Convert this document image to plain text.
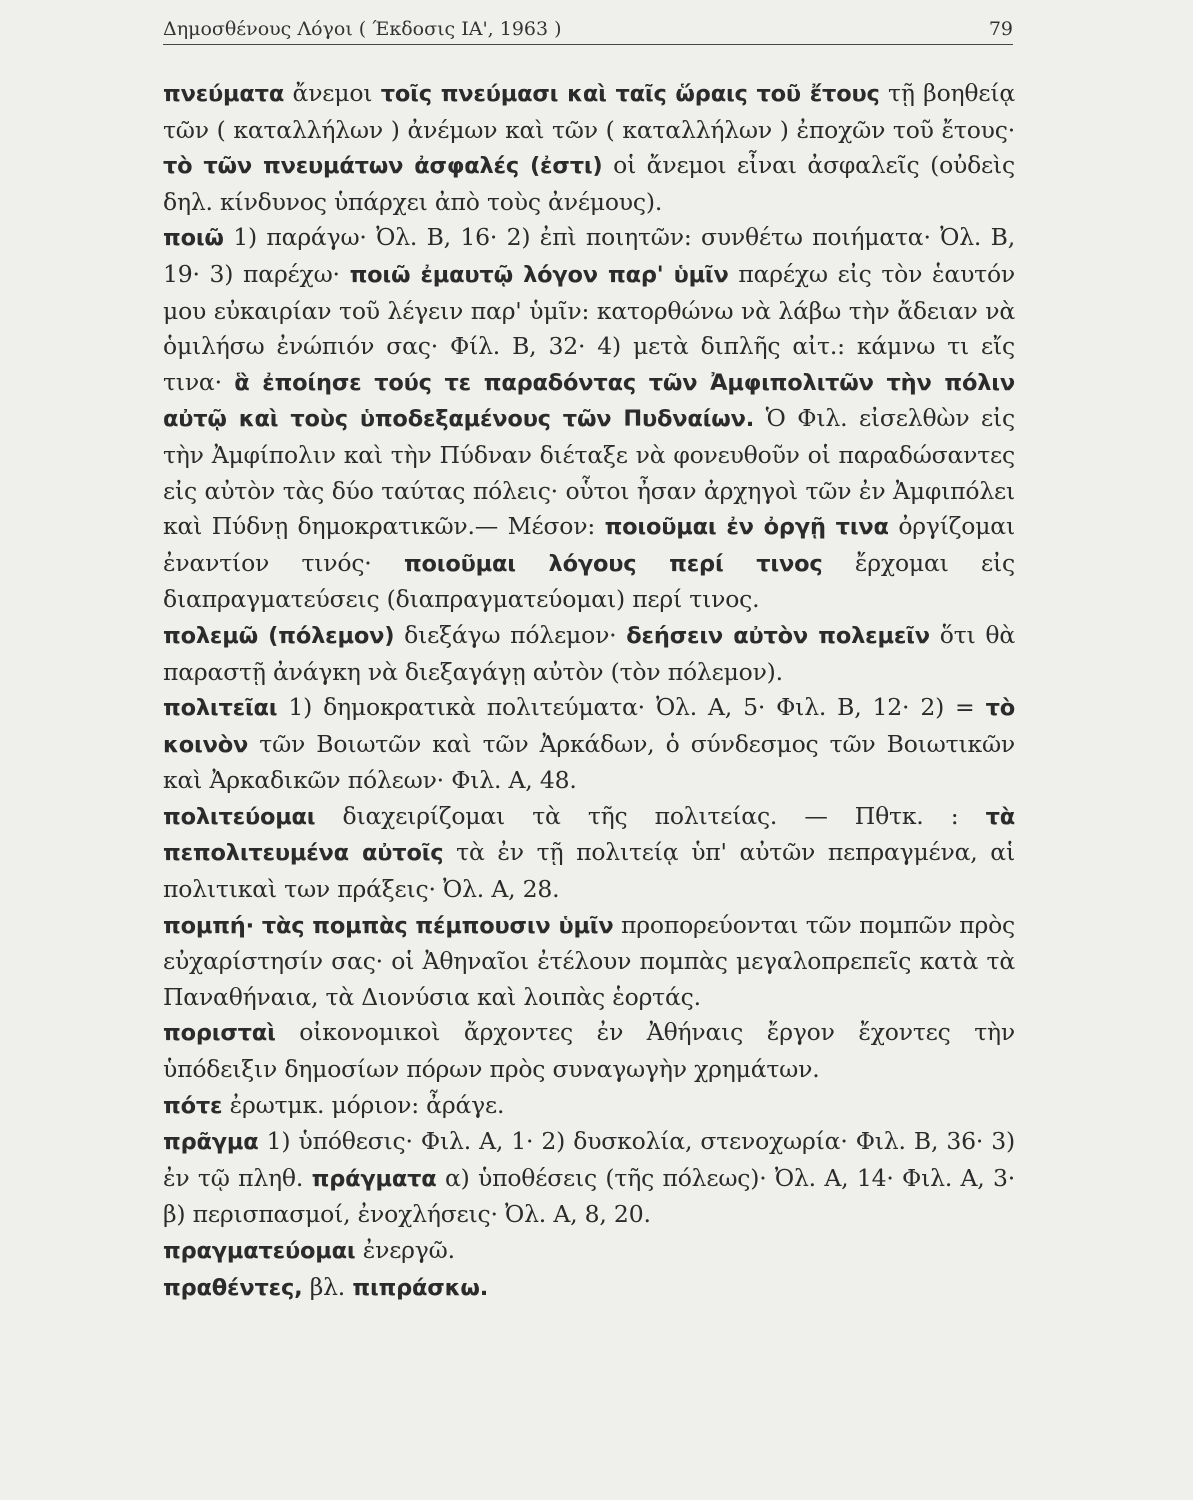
Δημοσθένους Λόγοι ( Έκδοσις ΙΑ', 1963 )	79

πνεύματα ἄνεμοι τοῖς πνεύμασι καὶ ταῖς ὥραις τοῦ ἔτους τῇ βοηθείᾳ τῶν ( καταλλήλων ) ἀνέμων καὶ τῶν ( καταλλήλων ) ἐποχῶν τοῦ ἔτους· τὸ τῶν πνευμάτων ἀσφαλές (ἐστι) οἱ ἄνεμοι εἶναι ἀσφαλεῖς (οὐδεὶς δηλ. κίνδυνος ὑπάρχει ἀπὸ τοὺς ἀνέμους).

ποιῶ 1) παράγω· Ὀλ. Β, 16· 2) ἐπὶ ποιητῶν: συνθέτω ποιήματα· Ὀλ. Β, 19· 3) παρέχω· ποιῶ ἐμαυτῷ λόγον παρ' ὑμῖν παρέχω εἰς τὸν ἑαυτόν μου εὐκαιρίαν τοῦ λέγειν παρ' ὑμῖν: κατορθώνω νὰ λάβω τὴν ἄδειαν νὰ ὁμιλήσω ἐνώπιόν σας· Φίλ. Β, 32· 4) μετὰ διπλῆς αἰτ.: κάμνω τι εἴς τινα· ἃ ἐποίησε τούς τε παραδόντας τῶν Ἀμφιπολιτῶν τὴν πόλιν αὐτῷ καὶ τοὺς ὑποδεξαμένους τῶν Πυδναίων. Ὁ Φιλ. εἰσελθὼν εἰς τὴν Ἀμφίπολιν καὶ τὴν Πύδναν διέταξε νὰ φονευθοῦν οἱ παραδώσαντες εἰς αὐτὸν τὰς δύο ταύτας πόλεις· οὗτοι ἦσαν ἀρχηγοὶ τῶν ἐν Ἀμφιπόλει καὶ Πύδνῃ δημοκρατικῶν.— Μέσον: ποιοῦμαι ἐν ὀργῇ τινα ὀργίζομαι ἐναντίον τινός· ποιοῦμαι λόγους περί τινος ἔρχομαι εἰς διαπραγματεύσεις (διαπραγματεύομαι) περί τινος.

πολεμῶ (πόλεμον) διεξάγω πόλεμον· δεήσειν αὐτὸν πολεμεῖν ὅτι θὰ παραστῇ ἀνάγκη νὰ διεξαγάγῃ αὐτὸν (τὸν πόλεμον).

πολιτεῖαι 1) δημοκρατικὰ πολιτεύματα· Ὀλ. Α, 5· Φιλ. Β, 12· 2) = τὸ κοινὸν τῶν Βοιωτῶν καὶ τῶν Ἀρκάδων, ὁ σύνδεσμος τῶν Βοιωτικῶν καὶ Ἀρκαδικῶν πόλεων· Φιλ. Α, 48.

πολιτεύομαι διαχειρίζομαι τὰ τῆς πολιτείας. — Πθτκ. : τὰ πεπολιτευμένα αὐτοῖς τὰ ἐν τῇ πολιτείᾳ ὑπ' αὐτῶν πεπραγμένα, αἱ πολιτικαὶ των πράξεις· Ὀλ. Α, 28.

πομπή· τὰς πομπὰς πέμπουσιν ὑμῖν προπορεύονται τῶν πομπῶν πρὸς εὐχαρίστησίν σας· οἱ Ἀθηναῖοι ἐτέλουν πομπὰς μεγαλοπρεπεῖς κατὰ τὰ Παναθήναια, τὰ Διονύσια καὶ λοιπὰς ἑορτάς.

πορισταὶ οἰκονομικοὶ ἄρχοντες ἐν Ἀθήναις ἔργον ἔχοντες τὴν ὑπόδειξιν δημοσίων πόρων πρὸς συναγωγὴν χρημάτων.

πότε ἐρωτμκ. μόριον: ἆράγε.

πρᾶγμα 1) ὑπόθεσις· Φιλ. Α, 1· 2) δυσκολία, στενοχωρία· Φιλ. Β, 36· 3) ἐν τῷ πληθ. πράγματα α) ὑποθέσεις (τῆς πόλεως)· Ὀλ. Α, 14· Φιλ. Α, 3· β) περισπασμοί, ἐνοχλήσεις· Ὀλ. Α, 8, 20.

πραγματεύομαι ἐνεργῶ.

πραθέντες, βλ. πιπράσκω.
